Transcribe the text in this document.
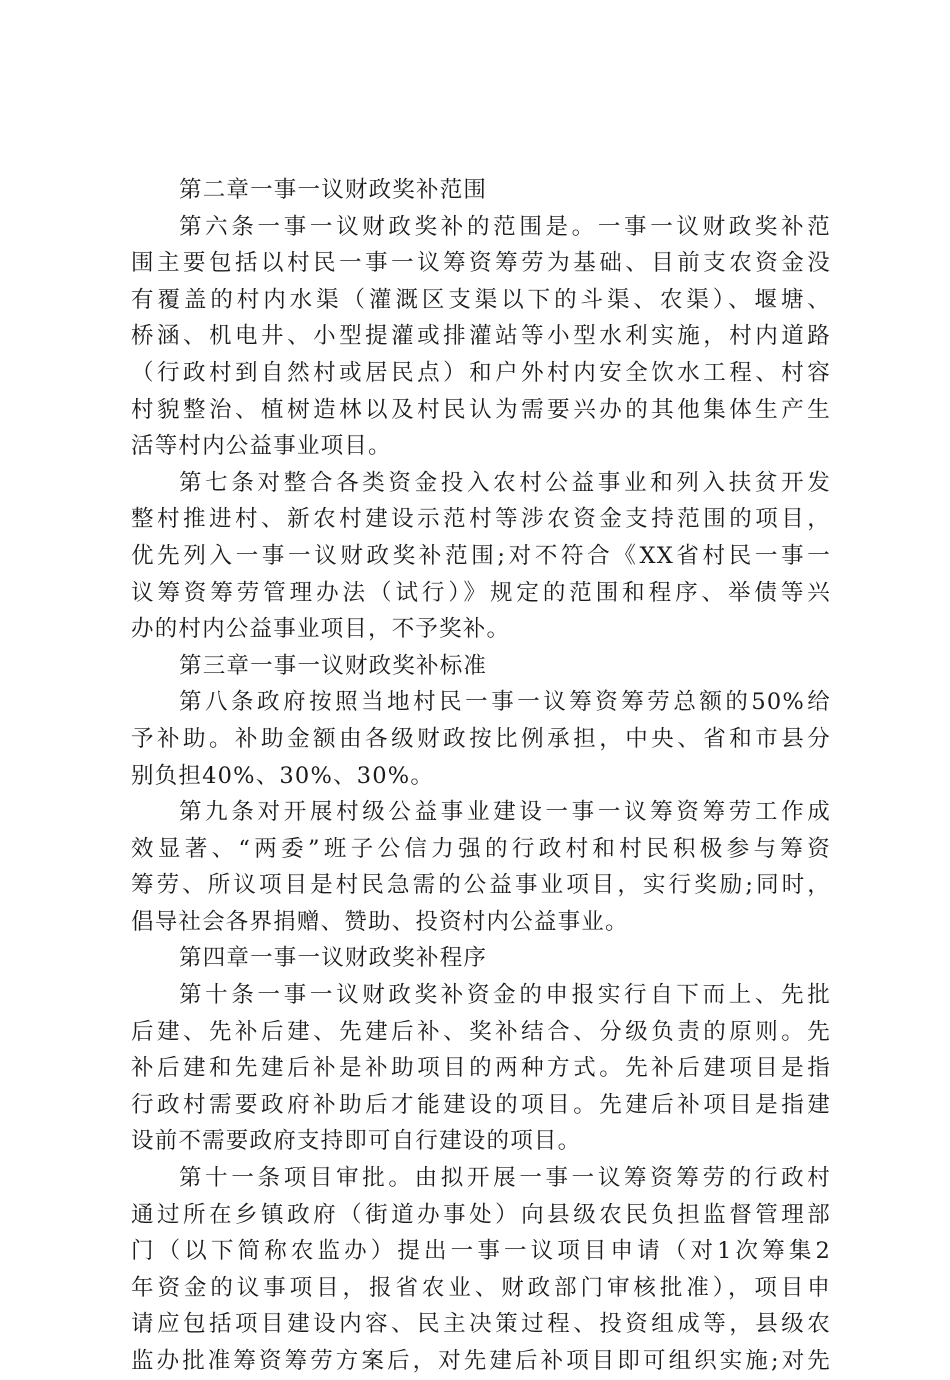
第二章一事一议财政奖补范围
第六条一事一议财政奖补的范围是。一事一议财政奖补范
围主要包括以村民一事一议筹资筹劳为基础、目前支农资金没
有覆盖的村内水渠（灌溉区支渠以下的斗渠、农渠）、堰塘、
桥涵、机电井、小型提灌或排灌站等小型水利实施，村内道路
（行政村到自然村或居民点）和户外村内安全饮水工程、村容
村貌整治、植树造林以及村民认为需要兴办的其他集体生产生
活等村内公益事业项目。
第七条对整合各类资金投入农村公益事业和列入扶贫开发
整村推进村、新农村建设示范村等涉农资金支持范围的项目，
优先列入一事一议财政奖补范围;对不符合《XX省村民一事一
议筹资筹劳管理办法（试行）》规定的范围和程序、举债等兴
办的村内公益事业项目，不予奖补。
第三章一事一议财政奖补标准
第八条政府按照当地村民一事一议筹资筹劳总额的50%给
予补助。补助金额由各级财政按比例承担，中央、省和市县分
别负担40%、30%、30%。
第九条对开展村级公益事业建设一事一议筹资筹劳工作成
效显著、“两委”班子公信力强的行政村和村民积极参与筹资
筹劳、所议项目是村民急需的公益事业项目，实行奖励;同时，
倡导社会各界捐赠、赞助、投资村内公益事业。
第四章一事一议财政奖补程序
第十条一事一议财政奖补资金的申报实行自下而上、先批
后建、先补后建、先建后补、奖补结合、分级负责的原则。先
补后建和先建后补是补助项目的两种方式。先补后建项目是指
行政村需要政府补助后才能建设的项目。先建后补项目是指建
设前不需要政府支持即可自行建设的项目。
第十一条项目审批。由拟开展一事一议筹资筹劳的行政村
通过所在乡镇政府（街道办事处）向县级农民负担监督管理部
门（以下简称农监办）提出一事一议项目申请（对1次筹集2
年资金的议事项目，报省农业、财政部门审核批准），项目申
请应包括项目建设内容、民主决策过程、投资组成等，县级农
监办批准筹资筹劳方案后，对先建后补项目即可组织实施;对先
